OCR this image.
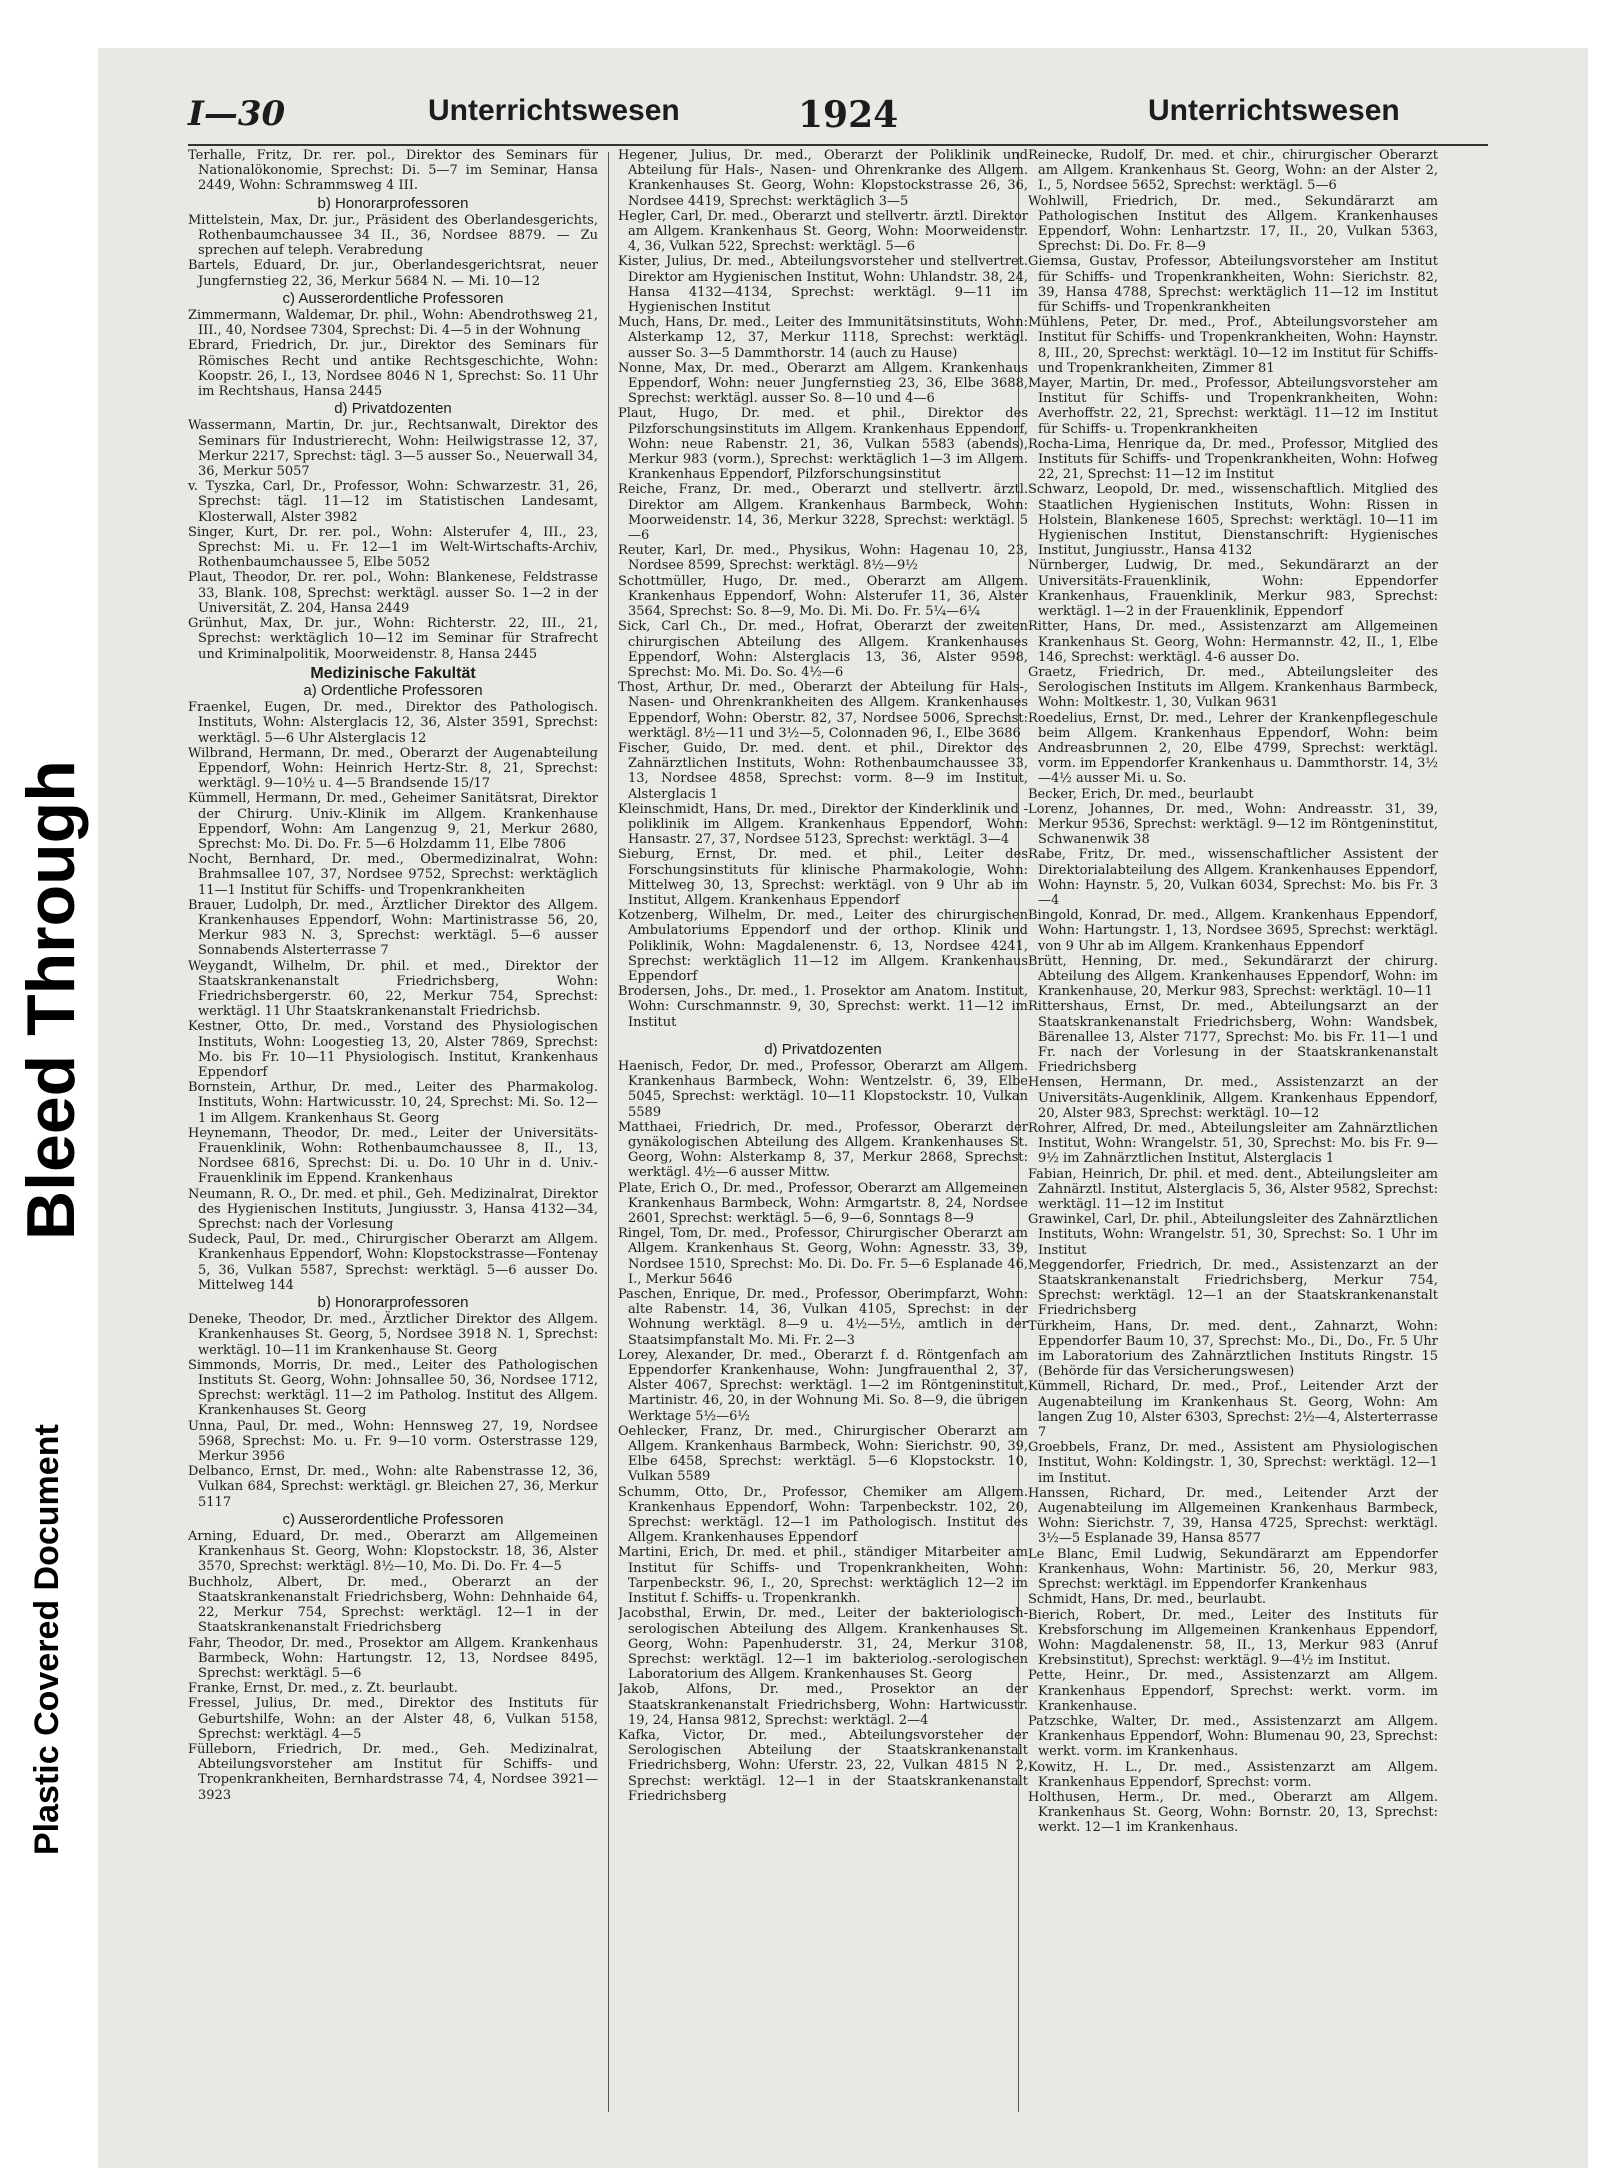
Bleed Through
Plastic Covered Document
I—30	Unterrichtswesen	1924	Unterrichtswesen

Terhalle, Fritz, Dr. rer. pol., Direktor des Seminars für Nationalökonomie, Sprechst: Di. 5—7 im Seminar, Hansa 2449, Wohn: Schrammsweg 4 III.

b) Honorarprofessoren

Mittelstein, Max, Dr. jur., Präsident des Oberlandesgerichts, Rothenbaumchaussee 34 II., 36, Nordsee 8879. — Zu sprechen auf teleph. Verabredung

Bartels, Eduard, Dr. jur., Oberlandesgerichtsrat, neuer Jungfernstieg 22, 36, Merkur 5684 N. — Mi. 10—12

c) Ausserordentliche Professoren

Zimmermann, Waldemar, Dr. phil., Wohn: Abendrothsweg 21, III., 40, Nordsee 7304, Sprechst: Di. 4—5 in der Wohnung

Ebrard, Friedrich, Dr. jur., Direktor des Seminars für Römisches Recht und antike Rechtsgeschichte, Wohn: Koopstr. 26, I., 13, Nordsee 8046 N 1, Sprechst: So. 11 Uhr im Rechtshaus, Hansa 2445

d) Privatdozenten

Wassermann, Martin, Dr. jur., Rechtsanwalt, Direktor des Seminars für Industrierecht, Wohn: Heilwigstrasse 12, 37, Merkur 2217, Sprechst: tägl. 3—5 ausser So., Neuerwall 34, 36, Merkur 5057

v. Tyszka, Carl, Dr., Professor, Wohn: Schwarzestr. 31, 26, Sprechst: tägl. 11—12 im Statistischen Landesamt, Klosterwall, Alster 3982

Singer, Kurt, Dr. rer. pol., Wohn: Alsterufer 4, III., 23, Sprechst: Mi. u. Fr. 12—1 im Welt-Wirtschafts-Archiv, Rothenbaumchaussee 5, Elbe 5052

Plaut, Theodor, Dr. rer. pol., Wohn: Blankenese, Feldstrasse 33, Blank. 108, Sprechst: werktägl. ausser So. 1—2 in der Universität, Z. 204, Hansa 2449

Grünhut, Max, Dr. jur., Wohn: Richterstr. 22, III., 21, Sprechst: werktäglich 10—12 im Seminar für Strafrecht und Kriminalpolitik, Moorweidenstr. 8, Hansa 2445

Medizinische Fakultät
a) Ordentliche Professoren

Fraenkel, Eugen, Dr. med., Direktor des Pathologisch. Instituts, Wohn: Alsterglacis 12, 36, Alster 3591, Sprechst: werktägl. 5—6 Uhr Alsterglacis 12

Wilbrand, Hermann, Dr. med., Oberarzt der Augenabteilung Eppendorf, Wohn: Heinrich Hertz-Str. 8, 21, Sprechst: werktägl. 9—10½ u. 4—5 Brandsende 15/17

Kümmell, Hermann, Dr. med., Geheimer Sanitätsrat, Direktor der Chirurg. Univ.-Klinik im Allgem. Krankenhause Eppendorf, Wohn: Am Langenzug 9, 21, Merkur 2680, Sprechst: Mo. Di. Do. Fr. 5—6 Holzdamm 11, Elbe 7806

Nocht, Bernhard, Dr. med., Obermedizinalrat, Wohn: Brahmsallee 107, 37, Nordsee 9752, Sprechst: werktäglich 11—1 Institut für Schiffs- und Tropenkrankheiten

Brauer, Ludolph, Dr. med., Ärztlicher Direktor des Allgem. Krankenhauses Eppendorf, Wohn: Martinistrasse 56, 20, Merkur 983 N. 3, Sprechst: werktägl. 5—6 ausser Sonnabends Alsterterrasse 7

Weygandt, Wilhelm, Dr. phil. et med., Direktor der Staatskrankenanstalt Friedrichsberg, Wohn: Friedrichsbergerstr. 60, 22, Merkur 754, Sprechst: werktägl. 11 Uhr Staatskrankenanstalt Friedrichsb.

Kestner, Otto, Dr. med., Vorstand des Physiologischen Instituts, Wohn: Loogestieg 13, 20, Alster 7869, Sprechst: Mo. bis Fr. 10—11 Physiologisch. Institut, Krankenhaus Eppendorf

Bornstein, Arthur, Dr. med., Leiter des Pharmakolog. Instituts, Wohn: Hartwicusstr. 10, 24, Sprechst: Mi. So. 12—1 im Allgem. Krankenhaus St. Georg

Heynemann, Theodor, Dr. med., Leiter der Universitäts-Frauenklinik, Wohn: Rothenbaumchaussee 8, II., 13, Nordsee 6816, Sprechst: Di. u. Do. 10 Uhr in d. Univ.-Frauenklinik im Eppend. Krankenhaus

Neumann, R. O., Dr. med. et phil., Geh. Medizinalrat, Direktor des Hygienischen Instituts, Jungiusstr. 3, Hansa 4132—34, Sprechst: nach der Vorlesung

Sudeck, Paul, Dr. med., Chirurgischer Oberarzt am Allgem. Krankenhaus Eppendorf, Wohn: Klopstockstrasse—Fontenay 5, 36, Vulkan 5587, Sprechst: werktägl. 5—6 ausser Do. Mittelweg 144

b) Honorarprofessoren

Deneke, Theodor, Dr. med., Ärztlicher Direktor des Allgem. Krankenhauses St. Georg, 5, Nordsee 3918 N. 1, Sprechst: werktägl. 10—11 im Krankenhause St. Georg

Simmonds, Morris, Dr. med., Leiter des Pathologischen Instituts St. Georg, Wohn: Johnsallee 50, 36, Nordsee 1712, Sprechst: werktägl. 11—2 im Patholog. Institut des Allgem. Krankenhauses St. Georg

Unna, Paul, Dr. med., Wohn: Hennsweg 27, 19, Nordsee 5968, Sprechst: Mo. u. Fr. 9—10 vorm. Osterstrasse 129, Merkur 3956

Delbanco, Ernst, Dr. med., Wohn: alte Rabenstrasse 12, 36, Vulkan 684, Sprechst: werktägl. gr. Bleichen 27, 36, Merkur 5117

c) Ausserordentliche Professoren

Arning, Eduard, Dr. med., Oberarzt am Allgemeinen Krankenhaus St. Georg, Wohn: Klopstockstr. 18, 36, Alster 3570, Sprechst: werktägl. 8½—10, Mo. Di. Do. Fr. 4—5

Buchholz, Albert, Dr. med., Oberarzt an der Staatskrankenanstalt Friedrichsberg, Wohn: Dehnhaide 64, 22, Merkur 754, Sprechst: werktägl. 12—1 in der Staatskrankenanstalt Friedrichsberg

Fahr, Theodor, Dr. med., Prosektor am Allgem. Krankenhaus Barmbeck, Wohn: Hartungstr. 12, 13, Nordsee 8495, Sprechst: werktägl. 5—6

Franke, Ernst, Dr. med., z. Zt. beurlaubt.

Fressel, Julius, Dr. med., Direktor des Instituts für Geburtshilfe, Wohn: an der Alster 48, 6, Vulkan 5158, Sprechst: werktägl. 4—5

Fülleborn, Friedrich, Dr. med., Geh. Medizinalrat, Abteilungsvorsteher am Institut für Schiffs- und Tropenkrankheiten, Bernhardstrasse 74, 4, Nordsee 3921—3923

Hegener, Julius, Dr. med., Oberarzt der Poliklinik und Abteilung für Hals-, Nasen- und Ohrenkranke des Allgem. Krankenhauses St. Georg, Wohn: Klopstockstrasse 26, 36, Nordsee 4419, Sprechst: werktäglich 3—5

Hegler, Carl, Dr. med., Oberarzt und stellvertr. ärztl. Direktor am Allgem. Krankenhaus St. Georg, Wohn: Moorweidenstr. 4, 36, Vulkan 522, Sprechst: werktägl. 5—6

Kister, Julius, Dr. med., Abteilungsvorsteher und stellvertret. Direktor am Hygienischen Institut, Wohn: Uhlandstr. 38, 24, Hansa 4132—4134, Sprechst: werktägl. 9—11 im Hygienischen Institut

Much, Hans, Dr. med., Leiter des Immunitätsinstituts, Wohn: Alsterkamp 12, 37, Merkur 1118, Sprechst: werktägl. ausser So. 3—5 Dammthorstr. 14 (auch zu Hause)

Nonne, Max, Dr. med., Oberarzt am Allgem. Krankenhaus Eppendorf, Wohn: neuer Jungfernstieg 23, 36, Elbe 3688, Sprechst: werktägl. ausser So. 8—10 und 4—6

Plaut, Hugo, Dr. med. et phil., Direktor des Pilzforschungsinstituts im Allgem. Krankenhaus Eppendorf, Wohn: neue Rabenstr. 21, 36, Vulkan 5583 (abends), Merkur 983 (vorm.), Sprechst: werktäglich 1—3 im Allgem. Krankenhaus Eppendorf, Pilzforschungsinstitut

Reiche, Franz, Dr. med., Oberarzt und stellvertr. ärztl. Direktor am Allgem. Krankenhaus Barmbeck, Wohn: Moorweidenstr. 14, 36, Merkur 3228, Sprechst: werktägl. 5—6

Reuter, Karl, Dr. med., Physikus, Wohn: Hagenau 10, 23, Nordsee 8599, Sprechst: werktägl. 8½—9½

Schottmüller, Hugo, Dr. med., Oberarzt am Allgem. Krankenhaus Eppendorf, Wohn: Alsterufer 11, 36, Alster 3564, Sprechst: So. 8—9, Mo. Di. Mi. Do. Fr. 5¼—6¼

Sick, Carl Ch., Dr. med., Hofrat, Oberarzt der zweiten chirurgischen Abteilung des Allgem. Krankenhauses Eppendorf, Wohn: Alsterglacis 13, 36, Alster 9598, Sprechst: Mo. Mi. Do. So. 4½—6

Thost, Arthur, Dr. med., Oberarzt der Abteilung für Hals-, Nasen- und Ohrenkrankheiten des Allgem. Krankenhauses Eppendorf, Wohn: Oberstr. 82, 37, Nordsee 5006, Sprechst: werktägl. 8½—11 und 3½—5, Colonnaden 96, I., Elbe 3686

Fischer, Guido, Dr. med. dent. et phil., Direktor des Zahnärztlichen Instituts, Wohn: Rothenbaumchaussee 33, 13, Nordsee 4858, Sprechst: vorm. 8—9 im Institut, Alsterglacis 1

Kleinschmidt, Hans, Dr. med., Direktor der Kinderklinik und -poliklinik im Allgem. Krankenhaus Eppendorf, Wohn: Hansastr. 27, 37, Nordsee 5123, Sprechst: werktägl. 3—4

Sieburg, Ernst, Dr. med. et phil., Leiter des Forschungsinstituts für klinische Pharmakologie, Wohn: Mittelweg 30, 13, Sprechst: werktägl. von 9 Uhr ab im Institut, Allgem. Krankenhaus Eppendorf

Kotzenberg, Wilhelm, Dr. med., Leiter des chirurgischen Ambulatoriums Eppendorf und der orthop. Klinik und Poliklinik, Wohn: Magdalenenstr. 6, 13, Nordsee 4241, Sprechst: werktäglich 11—12 im Allgem. Krankenhaus Eppendorf

Brodersen, Johs., Dr. med., 1. Prosektor am Anatom. Institut, Wohn: Curschmannstr. 9, 30, Sprechst: werkt. 11—12 im Institut

d) Privatdozenten

Haenisch, Fedor, Dr. med., Professor, Oberarzt am Allgem. Krankenhaus Barmbeck, Wohn: Wentzelstr. 6, 39, Elbe 5045, Sprechst: werktägl. 10—11 Klopstockstr. 10, Vulkan 5589

Matthaei, Friedrich, Dr. med., Professor, Oberarzt der gynäkologischen Abteilung des Allgem. Krankenhauses St. Georg, Wohn: Alsterkamp 8, 37, Merkur 2868, Sprechst: werktägl. 4½—6 ausser Mittw.

Plate, Erich O., Dr. med., Professor, Oberarzt am Allgemeinen Krankenhaus Barmbeck, Wohn: Armgartstr. 8, 24, Nordsee 2601, Sprechst: werktägl. 5—6, 9—6, Sonntags 8—9

Ringel, Tom, Dr. med., Professor, Chirurgischer Oberarzt am Allgem. Krankenhaus St. Georg, Wohn: Agnesstr. 33, 39, Nordsee 1510, Sprechst: Mo. Di. Do. Fr. 5—6 Esplanade 46, I., Merkur 5646

Paschen, Enrique, Dr. med., Professor, Oberimpfarzt, Wohn: alte Rabenstr. 14, 36, Vulkan 4105, Sprechst: in der Wohnung werktägl. 8—9 u. 4½—5½, amtlich in der Staatsimpfanstalt Mo. Mi. Fr. 2—3

Lorey, Alexander, Dr. med., Oberarzt f. d. Röntgenfach am Eppendorfer Krankenhause, Wohn: Jungfrauenthal 2, 37, Alster 4067, Sprechst: werktägl. 1—2 im Röntgeninstitut, Martinistr. 46, 20, in der Wohnung Mi. So. 8—9, die übrigen Werktage 5½—6½

Oehlecker, Franz, Dr. med., Chirurgischer Oberarzt am Allgem. Krankenhaus Barmbeck, Wohn: Sierichstr. 90, 39, Elbe 6458, Sprechst: werktägl. 5—6 Klopstockstr. 10, Vulkan 5589

Schumm, Otto, Dr., Professor, Chemiker am Allgem. Krankenhaus Eppendorf, Wohn: Tarpenbeckstr. 102, 20, Sprechst: werktägl. 12—1 im Pathologisch. Institut des Allgem. Krankenhauses Eppendorf

Martini, Erich, Dr. med. et phil., ständiger Mitarbeiter am Institut für Schiffs- und Tropenkrankheiten, Wohn: Tarpenbeckstr. 96, I., 20, Sprechst: werktäglich 12—2 im Institut f. Schiffs- u. Tropenkrankh.

Jacobsthal, Erwin, Dr. med., Leiter der bakteriologisch-serologischen Abteilung des Allgem. Krankenhauses St. Georg, Wohn: Papenhuderstr. 31, 24, Merkur 3108, Sprechst: werktägl. 12—1 im bakteriolog.-serologischen Laboratorium des Allgem. Krankenhauses St. Georg

Jakob, Alfons, Dr. med., Prosektor an der Staatskrankenanstalt Friedrichsberg, Wohn: Hartwicusstr. 19, 24, Hansa 9812, Sprechst: werktägl. 2—4

Kafka, Victor, Dr. med., Abteilungsvorsteher der Serologischen Abteilung der Staatskrankenanstalt Friedrichsberg, Wohn: Uferstr. 23, 22, Vulkan 4815 N 2, Sprechst: werktägl. 12—1 in der Staatskrankenanstalt Friedrichsberg

Reinecke, Rudolf, Dr. med. et chir., chirurgischer Oberarzt am Allgem. Krankenhaus St. Georg, Wohn: an der Alster 2, I., 5, Nordsee 5652, Sprechst: werktägl. 5—6

Wohlwill, Friedrich, Dr. med., Sekundärarzt am Pathologischen Institut des Allgem. Krankenhauses Eppendorf, Wohn: Lenhartzstr. 17, II., 20, Vulkan 5363, Sprechst: Di. Do. Fr. 8—9

Giemsa, Gustav, Professor, Abteilungsvorsteher am Institut für Schiffs- und Tropenkrankheiten, Wohn: Sierichstr. 82, 39, Hansa 4788, Sprechst: werktäglich 11—12 im Institut für Schiffs- und Tropenkrankheiten

Mühlens, Peter, Dr. med., Prof., Abteilungsvorsteher am Institut für Schiffs- und Tropenkrankheiten, Wohn: Haynstr. 8, III., 20, Sprechst: werktägl. 10—12 im Institut für Schiffs- und Tropenkrankheiten, Zimmer 81

Mayer, Martin, Dr. med., Professor, Abteilungsvorsteher am Institut für Schiffs- und Tropenkrankheiten, Wohn: Averhoffstr. 22, 21, Sprechst: werktägl. 11—12 im Institut für Schiffs- u. Tropenkrankheiten

Rocha-Lima, Henrique da, Dr. med., Professor, Mitglied des Instituts für Schiffs- und Tropenkrankheiten, Wohn: Hofweg 22, 21, Sprechst: 11—12 im Institut

Schwarz, Leopold, Dr. med., wissenschaftlich. Mitglied des Staatlichen Hygienischen Instituts, Wohn: Rissen in Holstein, Blankenese 1605, Sprechst: werktägl. 10—11 im Hygienischen Institut, Dienstanschrift: Hygienisches Institut, Jungiusstr., Hansa 4132

Nürnberger, Ludwig, Dr. med., Sekundärarzt an der Universitäts-Frauenklinik, Wohn: Eppendorfer Krankenhaus, Frauenklinik, Merkur 983, Sprechst: werktägl. 1—2 in der Frauenklinik, Eppendorf

Ritter, Hans, Dr. med., Assistenzarzt am Allgemeinen Krankenhaus St. Georg, Wohn: Hermannstr. 42, II., 1, Elbe 146, Sprechst: werktägl. 4-6 ausser Do.

Graetz, Friedrich, Dr. med., Abteilungsleiter des Serologischen Instituts im Allgem. Krankenhaus Barmbeck, Wohn: Moltkestr. 1, 30, Vulkan 9631

Roedelius, Ernst, Dr. med., Lehrer der Krankenpflegeschule beim Allgem. Krankenhaus Eppendorf, Wohn: beim Andreasbrunnen 2, 20, Elbe 4799, Sprechst: werktägl. vorm. im Eppendorfer Krankenhaus u. Dammthorstr. 14, 3½—4½ ausser Mi. u. So.

Becker, Erich, Dr. med., beurlaubt

Lorenz, Johannes, Dr. med., Wohn: Andreasstr. 31, 39, Merkur 9536, Sprechst: werktägl. 9—12 im Röntgeninstitut, Schwanenwik 38

Rabe, Fritz, Dr. med., wissenschaftlicher Assistent der Direktorialabteilung des Allgem. Krankenhauses Eppendorf, Wohn: Haynstr. 5, 20, Vulkan 6034, Sprechst: Mo. bis Fr. 3—4

Bingold, Konrad, Dr. med., Allgem. Krankenhaus Eppendorf, Wohn: Hartungstr. 1, 13, Nordsee 3695, Sprechst: werktägl. von 9 Uhr ab im Allgem. Krankenhaus Eppendorf

Brütt, Henning, Dr. med., Sekundärarzt der chirurg. Abteilung des Allgem. Krankenhauses Eppendorf, Wohn: im Krankenhause, 20, Merkur 983, Sprechst: werktägl. 10—11

Rittershaus, Ernst, Dr. med., Abteilungsarzt an der Staatskrankenanstalt Friedrichsberg, Wohn: Wandsbek, Bärenallee 13, Alster 7177, Sprechst: Mo. bis Fr. 11—1 und Fr. nach der Vorlesung in der Staatskrankenanstalt Friedrichsberg

Hensen, Hermann, Dr. med., Assistenzarzt an der Universitäts-Augenklinik, Allgem. Krankenhaus Eppendorf, 20, Alster 983, Sprechst: werktägl. 10—12

Rohrer, Alfred, Dr. med., Abteilungsleiter am Zahnärztlichen Institut, Wohn: Wrangelstr. 51, 30, Sprechst: Mo. bis Fr. 9—9½ im Zahnärztlichen Institut, Alsterglacis 1

Fabian, Heinrich, Dr. phil. et med. dent., Abteilungsleiter am Zahnärztl. Institut, Alsterglacis 5, 36, Alster 9582, Sprechst: werktägl. 11—12 im Institut

Grawinkel, Carl, Dr. phil., Abteilungsleiter des Zahnärztlichen Instituts, Wohn: Wrangelstr. 51, 30, Sprechst: So. 1 Uhr im Institut

Meggendorfer, Friedrich, Dr. med., Assistenzarzt an der Staatskrankenanstalt Friedrichsberg, Merkur 754, Sprechst: werktägl. 12—1 an der Staatskrankenanstalt Friedrichsberg

Türkheim, Hans, Dr. med. dent., Zahnarzt, Wohn: Eppendorfer Baum 10, 37, Sprechst: Mo., Di., Do., Fr. 5 Uhr im Laboratorium des Zahnärztlichen Instituts Ringstr. 15 (Behörde für das Versicherungswesen)

Kümmell, Richard, Dr. med., Prof., Leitender Arzt der Augenabteilung im Krankenhaus St. Georg, Wohn: Am langen Zug 10, Alster 6303, Sprechst: 2½—4, Alsterterrasse 7

Groebbels, Franz, Dr. med., Assistent am Physiologischen Institut, Wohn: Koldingstr. 1, 30, Sprechst: werktägl. 12—1 im Institut.

Hanssen, Richard, Dr. med., Leitender Arzt der Augenabteilung im Allgemeinen Krankenhaus Barmbeck, Wohn: Sierichstr. 7, 39, Hansa 4725, Sprechst: werktägl. 3½—5 Esplanade 39, Hansa 8577

Le Blanc, Emil Ludwig, Sekundärarzt am Eppendorfer Krankenhaus, Wohn: Martinistr. 56, 20, Merkur 983, Sprechst: werktägl. im Eppendorfer Krankenhaus

Schmidt, Hans, Dr. med., beurlaubt.

Bierich, Robert, Dr. med., Leiter des Instituts für Krebsforschung im Allgemeinen Krankenhaus Eppendorf, Wohn: Magdalenenstr. 58, II., 13, Merkur 983 (Anruf Krebsinstitut), Sprechst: werktägl. 9—4½ im Institut.

Pette, Heinr., Dr. med., Assistenzarzt am Allgem. Krankenhaus Eppendorf, Sprechst: werkt. vorm. im Krankenhause.

Patzschke, Walter, Dr. med., Assistenzarzt am Allgem. Krankenhaus Eppendorf, Wohn: Blumenau 90, 23, Sprechst: werkt. vorm. im Krankenhaus.

Kowitz, H. L., Dr. med., Assistenzarzt am Allgem. Krankenhaus Eppendorf, Sprechst: vorm.

Holthusen, Herm., Dr. med., Oberarzt am Allgem. Krankenhaus St. Georg, Wohn: Bornstr. 20, 13, Sprechst: werkt. 12—1 im Krankenhaus.
